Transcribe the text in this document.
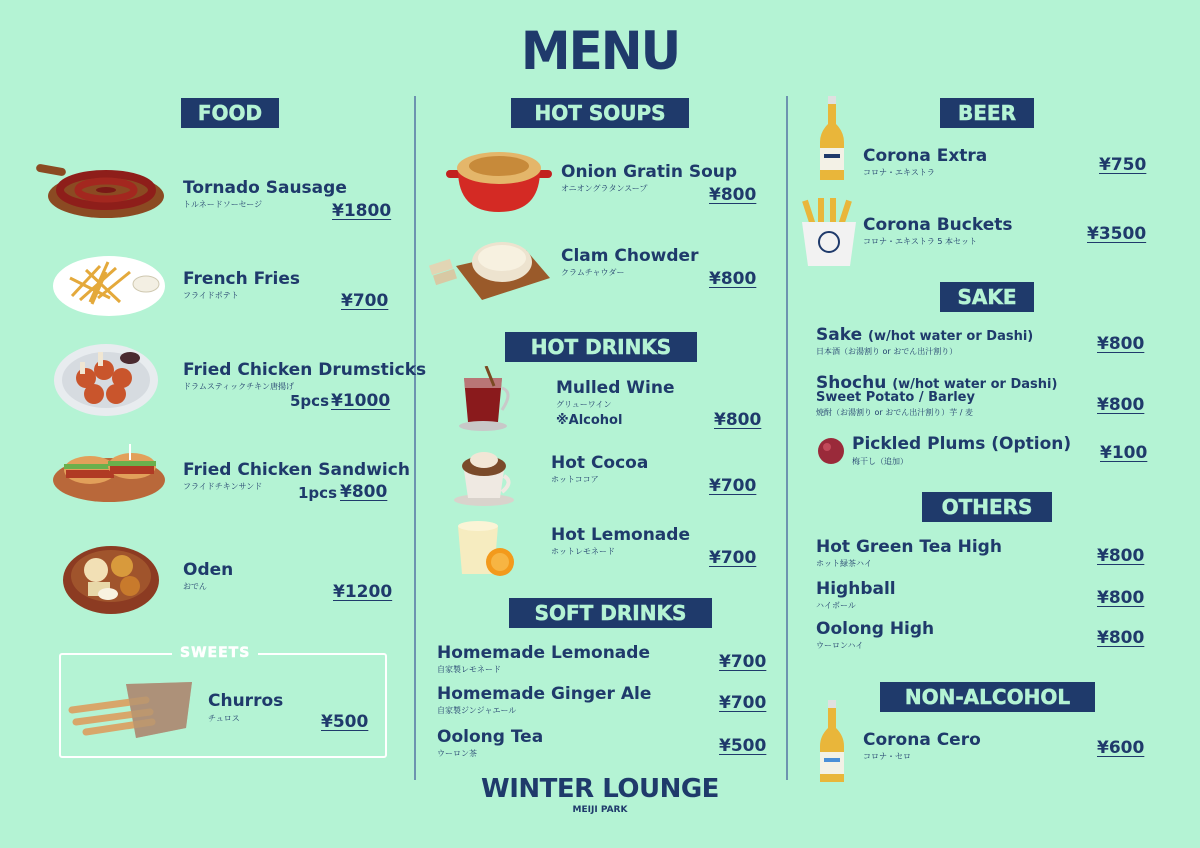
MENU
FOOD
Tornado Sausage
トルネードソーセージ	¥1800
French Fries
フライドポテト	¥700
Fried Chicken Drumsticks
ドラムスティックチキン唐揚げ
5pcs ¥1000
Fried Chicken Sandwich
フライドチキンサンド 1pcs ¥800
Oden
おでん	¥1200
SWEETS
Churros
チュロス	¥500
HOT SOUPS
Onion Gratin Soup
オニオングラタンスープ	¥800
Clam Chowder
クラムチャウダー	¥800
HOT DRINKS
Mulled Wine
グリューワイン
※Alcohol	¥800
Hot Cocoa
ホットココア	¥700
Hot Lemonade
ホットレモネード	¥700
SOFT DRINKS
Homemade Lemonade
自家製レモネード	¥700
Homemade Ginger Ale
自家製ジンジャエール	¥700
Oolong Tea
ウーロン茶	¥500
WINTER LOUNGE
MEIJI PARK
BEER
Corona Extra
コロナ・エキストラ	¥750
Corona Buckets
コロナ・エキストラ 5 本セット	¥3500
SAKE
Sake (w/hot water or Dashi)
日本酒（お湯割り or おでん出汁割り）	¥800
Shochu (w/hot water or Dashi)
Sweet Potato / Barley
焼酎（お湯割り or おでん出汁割り）芋 / 麦	¥800
Pickled Plums (Option)
梅干し（追加）	¥100
OTHERS
Hot Green Tea High
ホット緑茶ハイ	¥800
Highball
ハイボール	¥800
Oolong High
ウーロンハイ	¥800
NON-ALCOHOL
Corona Cero
コロナ・セロ	¥600
